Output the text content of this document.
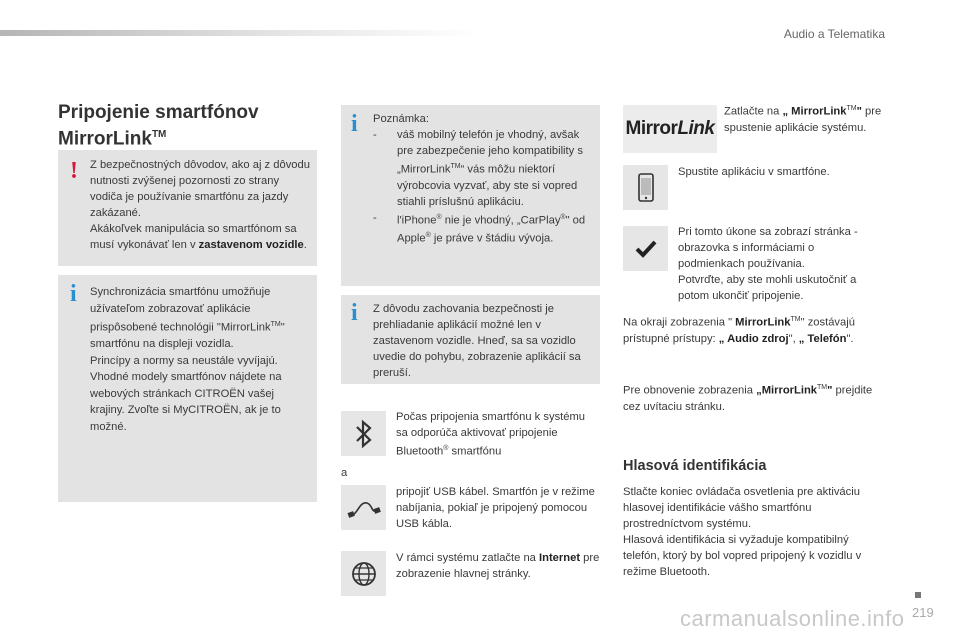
Audio a Telematika
Pripojenie smartfónov
MirrorLink™
! Z bezpečnostných dôvodov, ako aj z dôvodu nutnosti zvýšenej pozornosti zo strany vodiča je používanie smartfónu za jazdy zakázané.
Akákoľvek manipulácia so smartfónom sa musí vykonávať len v zastavenom vozidle.
i Synchronizácia smartfónu umožňuje užívateľom zobrazovať aplikácie prispôsobené technológii "MirrorLink™" smartfónu na displeji vozidla.
Princípy a normy sa neustále vyvíjajú. Vhodné modely smartfónov nájdete na webových stránkach CITROËN vašej krajiny. Zvoľte si MyCITROËN, ak je to možné.
i Poznámka:
- váš mobilný telefón je vhodný, avšak pre zabezpečenie jeho kompatibility s „MirrorLink™“ vás môžu niektorí výrobcovia vyzvať, aby ste si vopred stiahli príslušnú aplikáciu.
- l'iPhone® nie je vhodný, „CarPlay®" od Apple® je práve v štádiu vývoja.
i Z dôvodu zachovania bezpečnosti je prehliadanie aplikácií možné len v zastavenom vozidle. Hneď, sa sa vozidlo uvedie do pohybu, zobrazenie aplikácií sa preruší.
Počas pripojenia smartfónu k systému sa odporúča aktivovať pripojenie Bluetooth® smartfónu
a
pripojiť USB kábel. Smartfón je v režime nabíjania, pokiaľ je pripojený pomocou USB kábla.
V rámci systému zatlačte na Internet pre zobrazenie hlavnej stránky.
MirrorLink
Zatlačte na „ MirrorLink™" pre spustenie aplikácie systému.
Spustite aplikáciu v smartfóne.
Pri tomto úkone sa zobrazí stránka - obrazovka s informáciami o podmienkach používania.
Potvrďte, aby ste mohli uskutočniť a potom ukončiť pripojenie.
Na okraji zobrazenia " MirrorLink™" zostávajú prístupné prístupy: „ Audio zdroj", „ Telefón".
Pre obnovenie zobrazenia „MirrorLink™" prejdite cez uvítaciu stránku.
Hlasová identifikácia
Stlačte koniec ovládača osvetlenia pre aktiváciu hlasovej identifikácie vášho smartfónu prostredníctvom systému.
Hlasová identifikácia si vyžaduje kompatibilný telefón, ktorý by bol vopred pripojený k vozidlu v režime Bluetooth.
219
carmanualsonline.info
